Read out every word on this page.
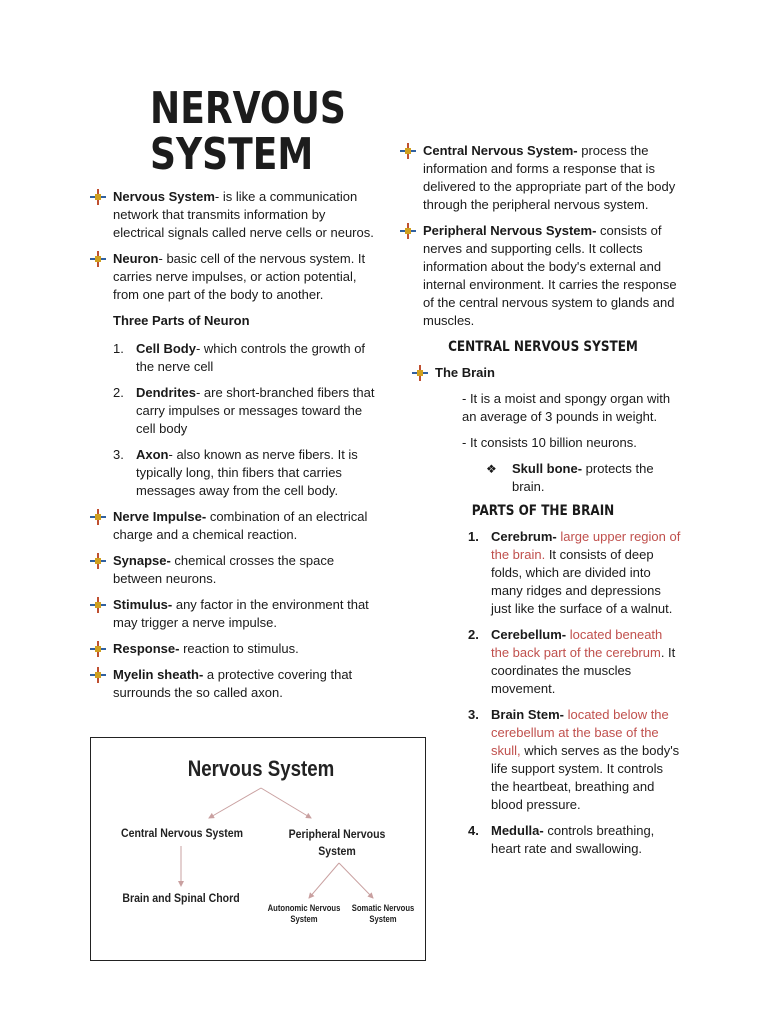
NERVOUS
SYSTEM
Nervous System- is like a communication network that transmits information by electrical signals called nerve cells or neuros.
Neuron- basic cell of the nervous system. It carries nerve impulses, or action potential, from one part of the body to another.
Three Parts of Neuron
1. Cell Body- which controls the growth of the nerve cell
2. Dendrites- are short-branched fibers that carry impulses or messages toward the cell body
3. Axon- also known as nerve fibers. It is typically long, thin fibers that carries messages away from the cell body.
Nerve Impulse- combination of an electrical charge and a chemical reaction.
Synapse- chemical crosses the space between neurons.
Stimulus- any factor in the environment that may trigger a nerve impulse.
Response- reaction to stimulus.
Myelin sheath- a protective covering that surrounds the so called axon.
Central Nervous System- process the information and forms a response that is delivered to the appropriate part of the body through the peripheral nervous system.
Peripheral Nervous System- consists of nerves and supporting cells. It collects information about the body's external and internal environment. It carries the response of the central nervous system to glands and muscles.
CENTRAL NERVOUS SYSTEM
The Brain
- It is a moist and spongy organ with an average of 3 pounds in weight.
- It consists 10 billion neurons.
❖ Skull bone- protects the brain.
PARTS OF THE BRAIN
1. Cerebrum- large upper region of the brain. It consists of deep folds, which are divided into many ridges and depressions just like the surface of a walnut.
2. Cerebellum- located beneath the back part of the cerebrum. It coordinates the muscles movement.
3. Brain Stem- located below the cerebellum at the base of the skull, which serves as the body's life support system. It controls the heartbeat, breathing and blood pressure.
4. Medulla- controls breathing, heart rate and swallowing.
Nervous System
Central Nervous System	Peripheral Nervous
System
Brain and Spinal Chord
Autonomic Nervous
System
Somatic Nervous
System
